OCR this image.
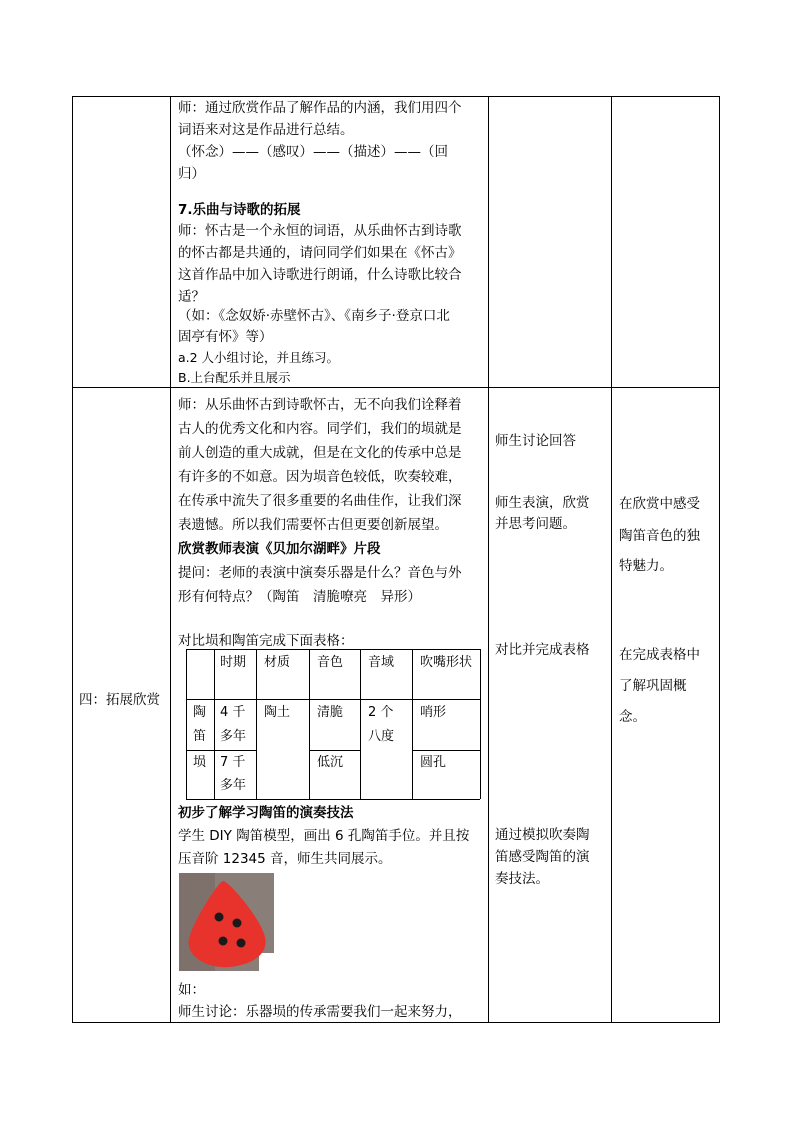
师：通过欣赏作品了解作品的内涵，我们用四个
词语来对这是作品进行总结。
（怀念）——（感叹）——（描述）——（回
归）
7.乐曲与诗歌的拓展
师：怀古是一个永恒的词语，从乐曲怀古到诗歌
的怀古都是共通的，请问同学们如果在《怀古》
这首作品中加入诗歌进行朗诵，什么诗歌比较合
适？
（如：《念奴娇·赤壁怀古》、《南乡子·登京口北
固亭有怀》等）
a.2 人小组讨论，并且练习。
B.上台配乐并且展示
四：拓展欣赏
师：从乐曲怀古到诗歌怀古，无不向我们诠释着
古人的优秀文化和内容。同学们，我们的埙就是
前人创造的重大成就，但是在文化的传承中总是
有许多的不如意。因为埙音色较低，吹奏较难，
在传承中流失了很多重要的名曲佳作，让我们深
表遗憾。所以我们需要怀古但更要创新展望。
欣赏教师表演《贝加尔湖畔》片段
提问：老师的表演中演奏乐器是什么？音色与外
形有何特点？（陶笛　清脆嘹亮　异形）
对比埙和陶笛完成下面表格：
时期 材质 音色 音域 吹嘴形状
陶
笛
4 千
多年
陶土 清脆 2 个
八度
哨形
埙 7 千
多年
低沉	圆孔
初步了解学习陶笛的演奏技法
学生 DIY 陶笛模型，画出 6 孔陶笛手位。并且按
压音阶 12345 音，师生共同展示。
如：
师生讨论：乐器埙的传承需要我们一起来努力，
师生讨论回答
师生表演，欣赏
并思考问题。
对比并完成表格
通过模拟吹奏陶
笛感受陶笛的演
奏技法。
在欣赏中感受
陶笛音色的独
特魅力。
在完成表格中
了解巩固概
念。
